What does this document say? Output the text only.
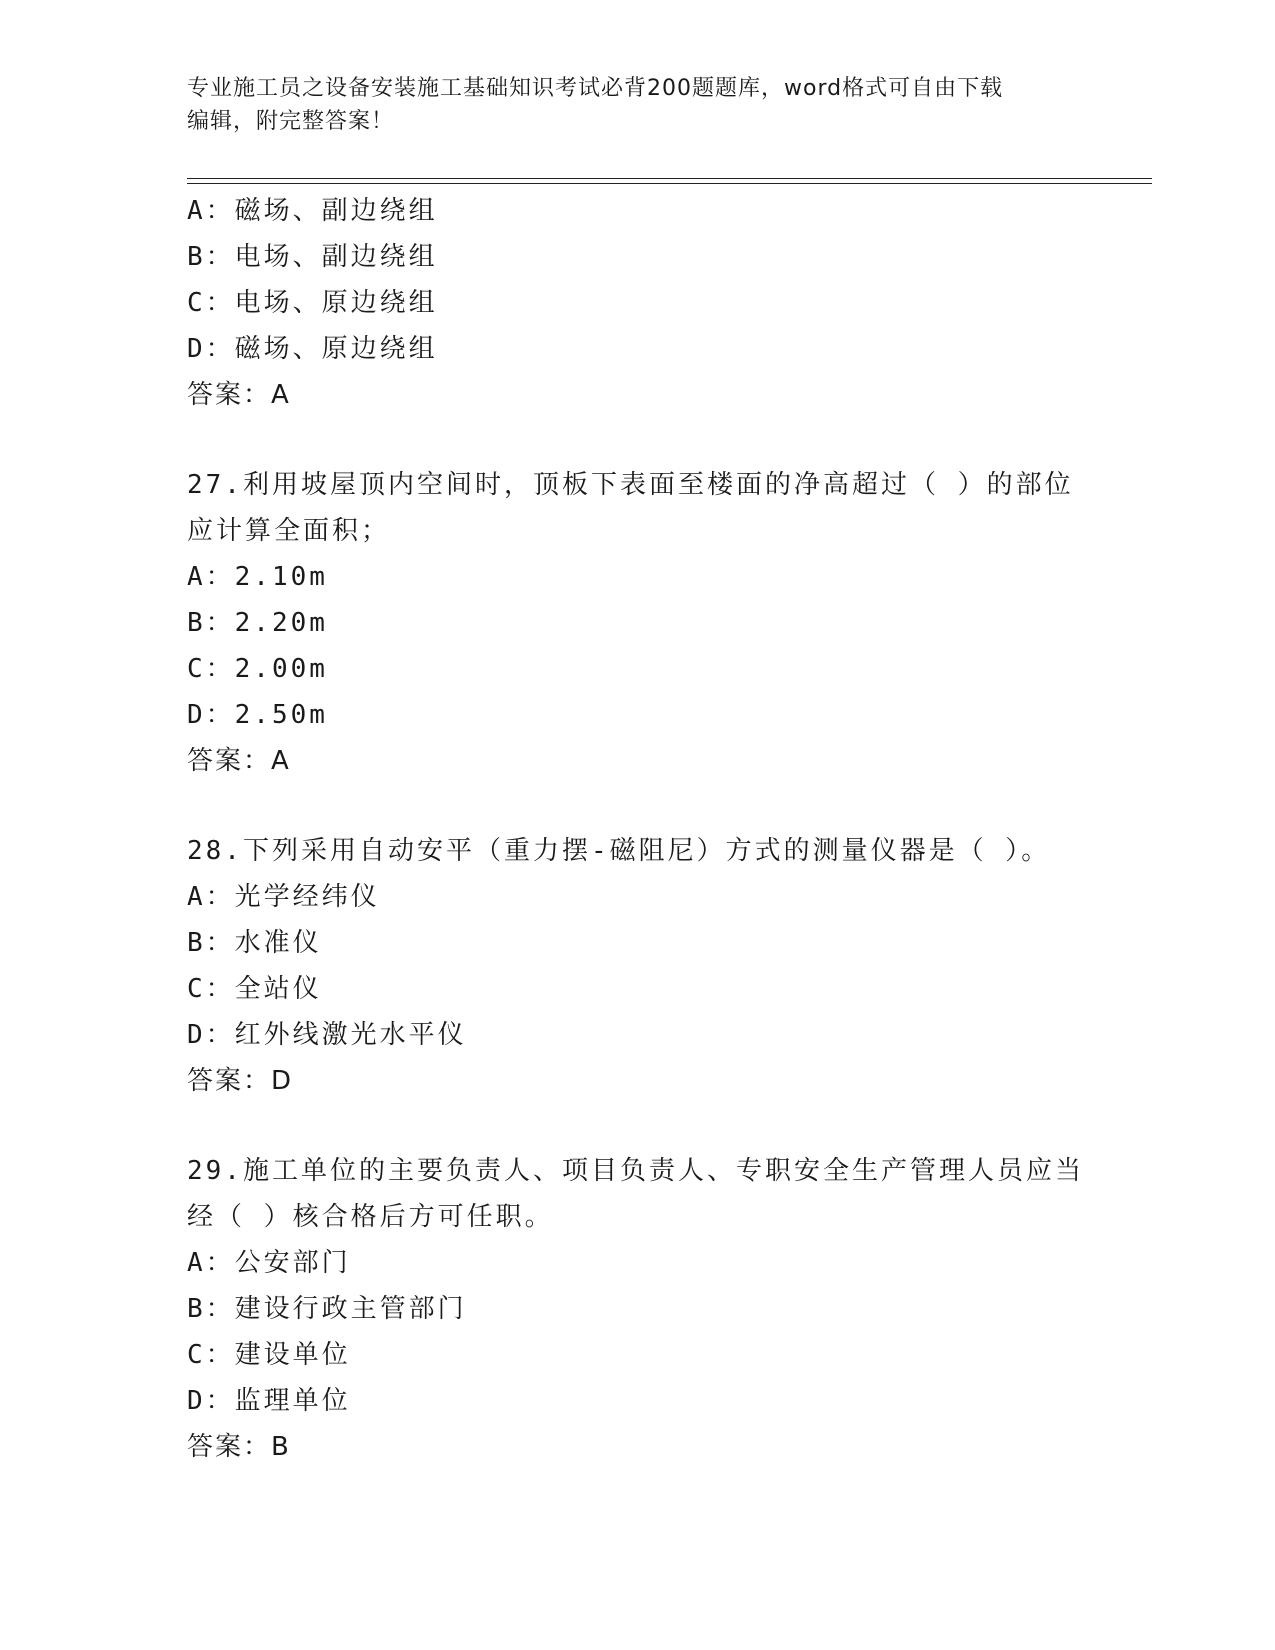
专业施工员之设备安装施工基础知识考试必背200题题库，word格式可自由下载
编辑，附完整答案！
A：磁场、副边绕组
B：电场、副边绕组
C：电场、原边绕组
D：磁场、原边绕组
答案：A
27.利用坡屋顶内空间时，顶板下表面至楼面的净高超过（ ）的部位
应计算全面积；
A：2.10m
B：2.20m
C：2.00m
D：2.50m
答案：A
28.下列采用自动安平（重力摆-磁阻尼）方式的测量仪器是（ ）。
A：光学经纬仪
B：水准仪
C：全站仪
D：红外线激光水平仪
答案：D
29.施工单位的主要负责人、项目负责人、专职安全生产管理人员应当
经（ ）核合格后方可任职。
A：公安部门
B：建设行政主管部门
C：建设单位
D：监理单位
答案：B
